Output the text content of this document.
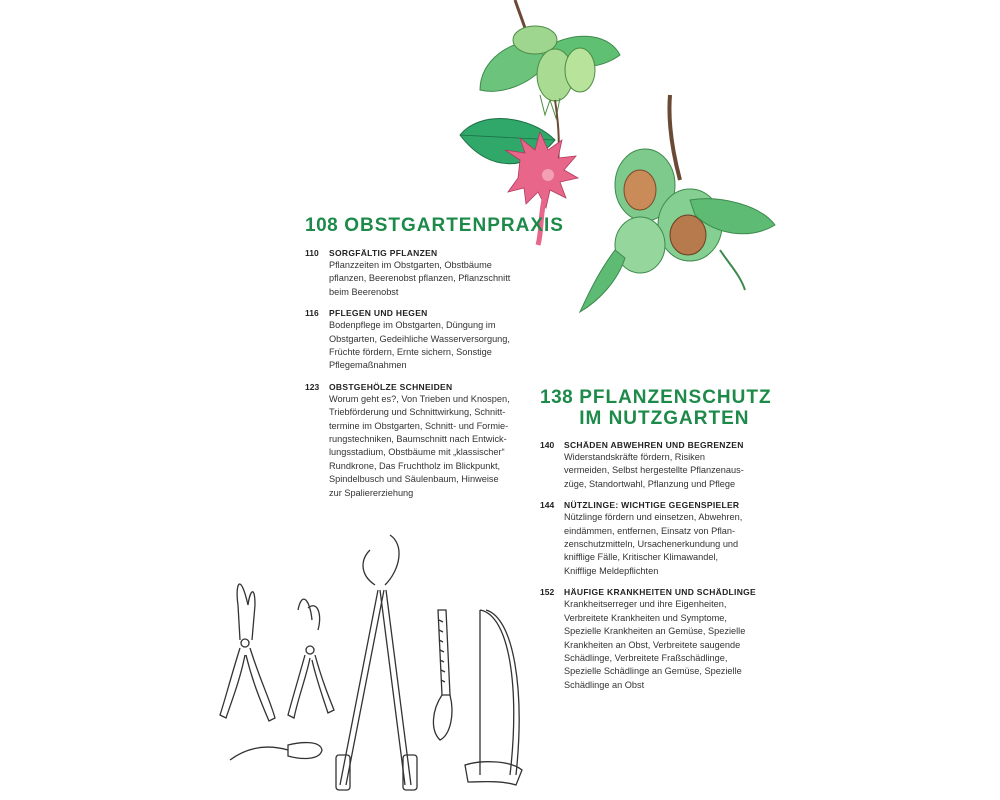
108 OBSTGARTENPRAXIS
110	SORGFÄLTIG PFLANZEN
Pflanzzeiten im Obstgarten, Obstbäume
pflanzen, Beerenobst pflanzen, Pflanzschnitt
beim Beerenobst
116	PFLEGEN UND HEGEN
Bodenpflege im Obstgarten, Düngung im
Obstgarten, Gedeihliche Wasserversorgung,
Früchte fördern, Ernte sichern, Sonstige
Pflegemaßnahmen
123	OBSTGEHÖLZE SCHNEIDEN
Worum geht es?, Von Trieben und Knospen,
Triebförderung und Schnittwirkung, Schnitt-
termine im Obstgarten, Schnitt- und Formie-
rungstechniken, Baumschnitt nach Entwick-
lungsstadium, Obstbäume mit „klassischer“
Rundkrone, Das Fruchtholz im Blickpunkt,
Spindelbusch und Säulenbaum, Hinweise
zur Spaliererziehung
138 PFLANZENSCHUTZ
IM NUTZGARTEN
140	SCHÄDEN ABWEHREN UND BEGRENZEN
Widerstandskräfte fördern, Risiken
vermeiden, Selbst hergestellte Pflanzenaus-
züge, Standortwahl, Pflanzung und Pflege
144	NÜTZLINGE: WICHTIGE GEGENSPIELER
Nützlinge fördern und einsetzen, Abwehren,
eindämmen, entfernen, Einsatz von Pflan-
zenschutzmitteln, Ursachenerkundung und
knifflige Fälle, Kritischer Klimawandel,
Knifflige Meldepflichten
152	HÄUFIGE KRANKHEITEN UND SCHÄDLINGE
Krankheitserreger und ihre Eigenheiten,
Verbreitete Krankheiten und Symptome,
Spezielle Krankheiten an Gemüse, Spezielle
Krankheiten an Obst, Verbreitete saugende
Schädlinge, Verbreitete Fraßschädlinge,
Spezielle Schädlinge an Gemüse, Spezielle
Schädlinge an Obst
